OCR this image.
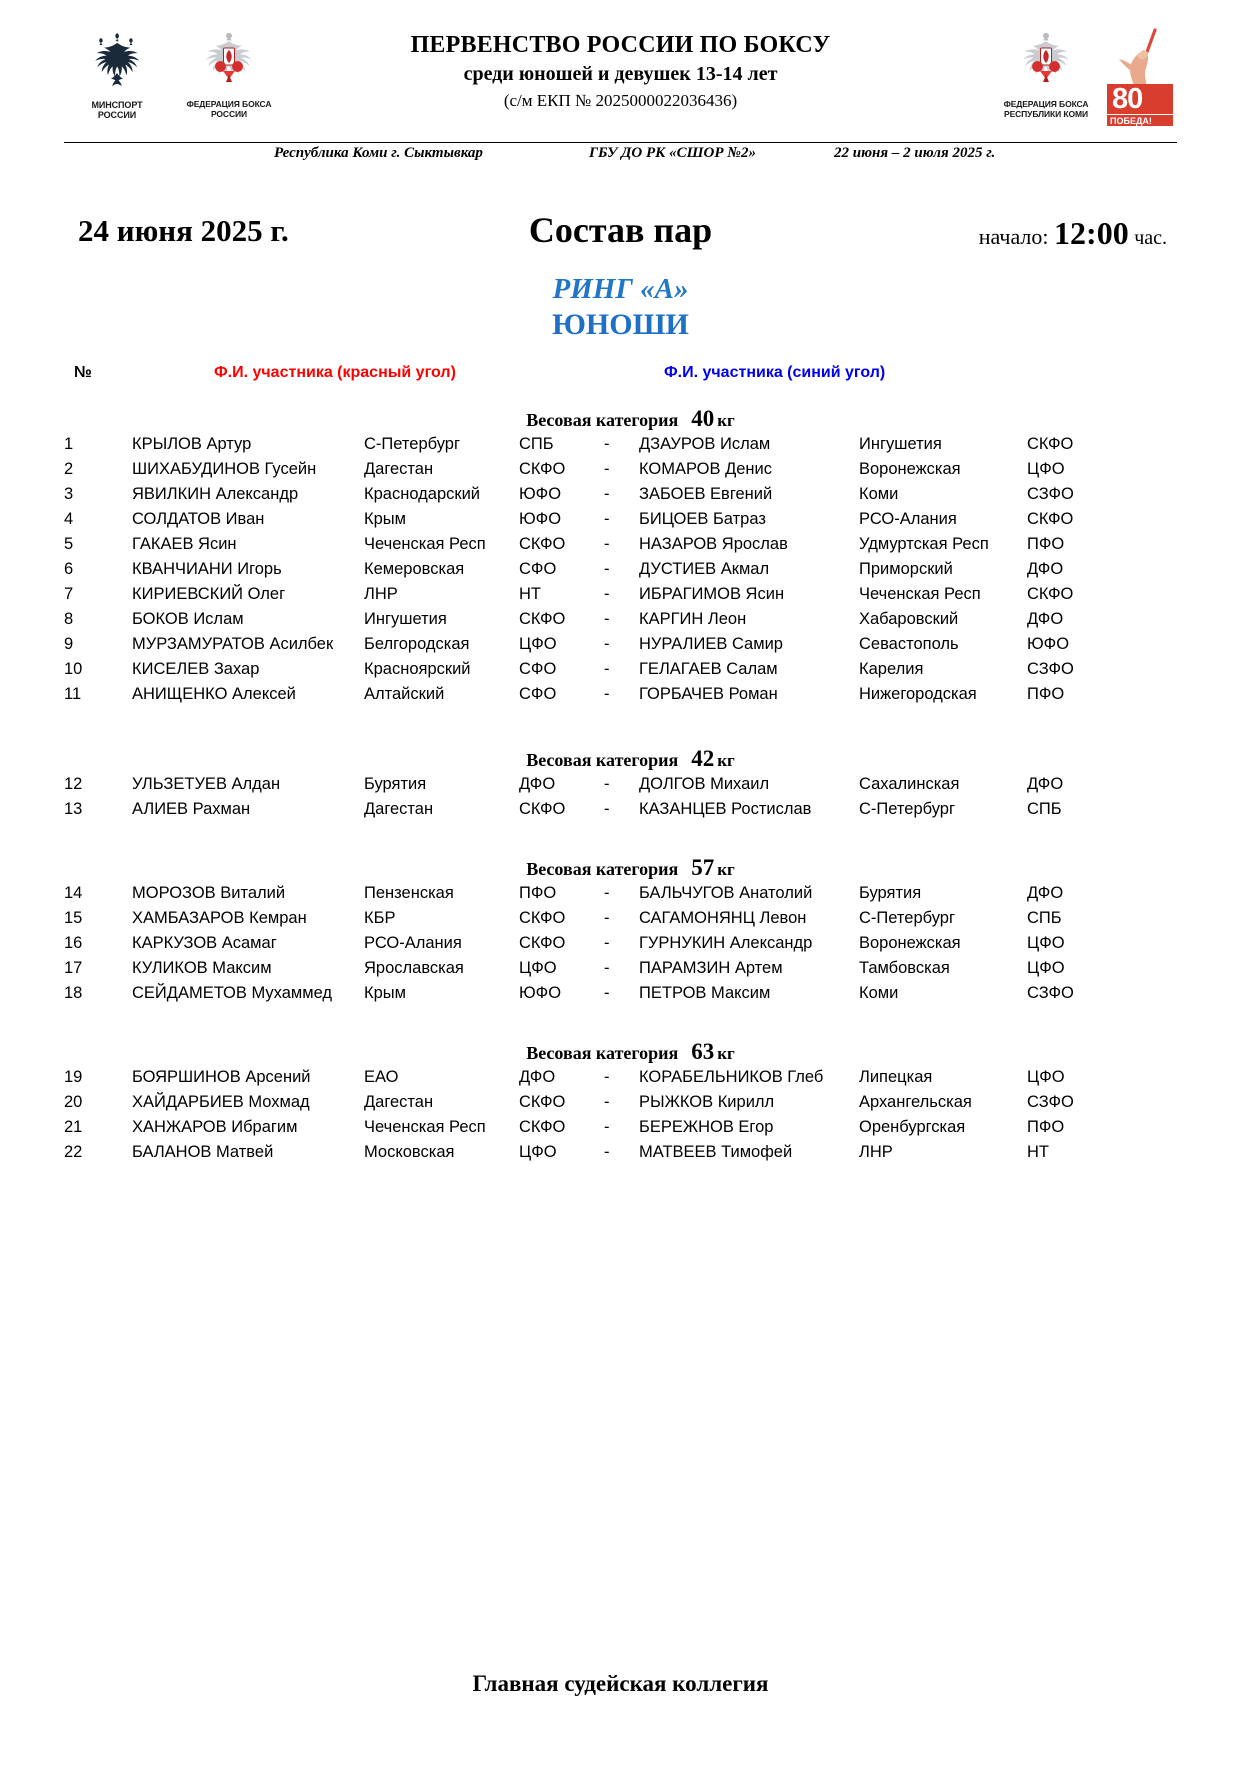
МИНСПОРТ РОССИИ
ФЕДЕРАЦИЯ БОКСА РОССИИ
ПЕРВЕНСТВО РОССИИ ПО БОКСУ
среди юношей и девушек 13-14 лет
(с/м ЕКП № 2025000022036436)	ФЕДЕРАЦИЯ БОКСА РЕСПУБЛИКИ КОМИ 80
ПОБЕДА!
Республика Коми г. Сыктывкар	ГБУ ДО РК «СШОР №2»	22 июня – 2 июля 2025 г.
24 июня 2025 г.	Состав пар	начало: 12:00 час.
РИНГ «А»
ЮНОШИ
№	Ф.И. участника (красный угол)	Ф.И. участника (синий угол)
Весовая категория 40 кг
1	КРЫЛОВ Артур	С-Петербург	СПБ	- ДЗАУРОВ Ислам	Ингушетия	СКФО
2	ШИХАБУДИНОВ Гусейн	Дагестан	СКФО - КОМАРОВ Денис	Воронежская	ЦФО
3	ЯВИЛКИН Александр	Краснодарский ЮФО	- ЗАБОЕВ Евгений	Коми	СЗФО
4	СОЛДАТОВ Иван	Крым	ЮФО	- БИЦОЕВ Батраз	РСО-Алания	СКФО
5	ГАКАЕВ Ясин	Чеченская Респ СКФО - НАЗАРОВ Ярослав	Удмуртская Респ ПФО
6	КВАНЧИАНИ Игорь	Кемеровская	СФО	- ДУСТИЕВ Акмал	Приморский	ДФО
7	КИРИЕВСКИЙ Олег	ЛНР	НТ	- ИБРАГИМОВ Ясин	Чеченская Респ	СКФО
8	БОКОВ Ислам	Ингушетия	СКФО - КАРГИН Леон	Хабаровский	ДФО
9	МУРЗАМУРАТОВ Асилбек Белгородская	ЦФО	- НУРАЛИЕВ Самир	Севастополь	ЮФО
10	КИСЕЛЕВ Захар	Красноярский	СФО	- ГЕЛАГАЕВ Салам	Карелия	СЗФО
11	АНИЩЕНКО Алексей	Алтайский	СФО	- ГОРБАЧЕВ Роман	Нижегородская	ПФО
Весовая категория 42 кг
12	УЛЬЗЕТУЕВ Алдан	Бурятия	ДФО	- ДОЛГОВ Михаил	Сахалинская	ДФО
13	АЛИЕВ Рахман	Дагестан	СКФО - КАЗАНЦЕВ Ростислав	С-Петербург	СПБ
Весовая категория 57 кг
14	МОРОЗОВ Виталий	Пензенская	ПФО	- БАЛЬЧУГОВ Анатолий	Бурятия	ДФО
15	ХАМБАЗАРОВ Кемран	КБР	СКФО - САГАМОНЯНЦ Левон	С-Петербург	СПБ
16	КАРКУЗОВ Асамаг	РСО-Алания	СКФО - ГУРНУКИН Александр	Воронежская	ЦФО
17	КУЛИКОВ Максим	Ярославская	ЦФО	- ПАРАМЗИН Артем	Тамбовская	ЦФО
18	СЕЙДАМЕТОВ Мухаммед Крым	ЮФО	- ПЕТРОВ Максим	Коми	СЗФО
Весовая категория 63 кг
19	БОЯРШИНОВ Арсений	ЕАО	ДФО	- КОРАБЕЛЬНИКОВ Глеб Липецкая	ЦФО
20	ХАЙДАРБИЕВ Мохмад	Дагестан	СКФО - РЫЖКОВ Кирилл	Архангельская	СЗФО
21	ХАНЖАРОВ Ибрагим	Чеченская Респ СКФО - БЕРЕЖНОВ Егор	Оренбургская	ПФО
22	БАЛАНОВ Матвей	Московская	ЦФО	- МАТВЕЕВ Тимофей	ЛНР	НТ
Главная судейская коллегия
